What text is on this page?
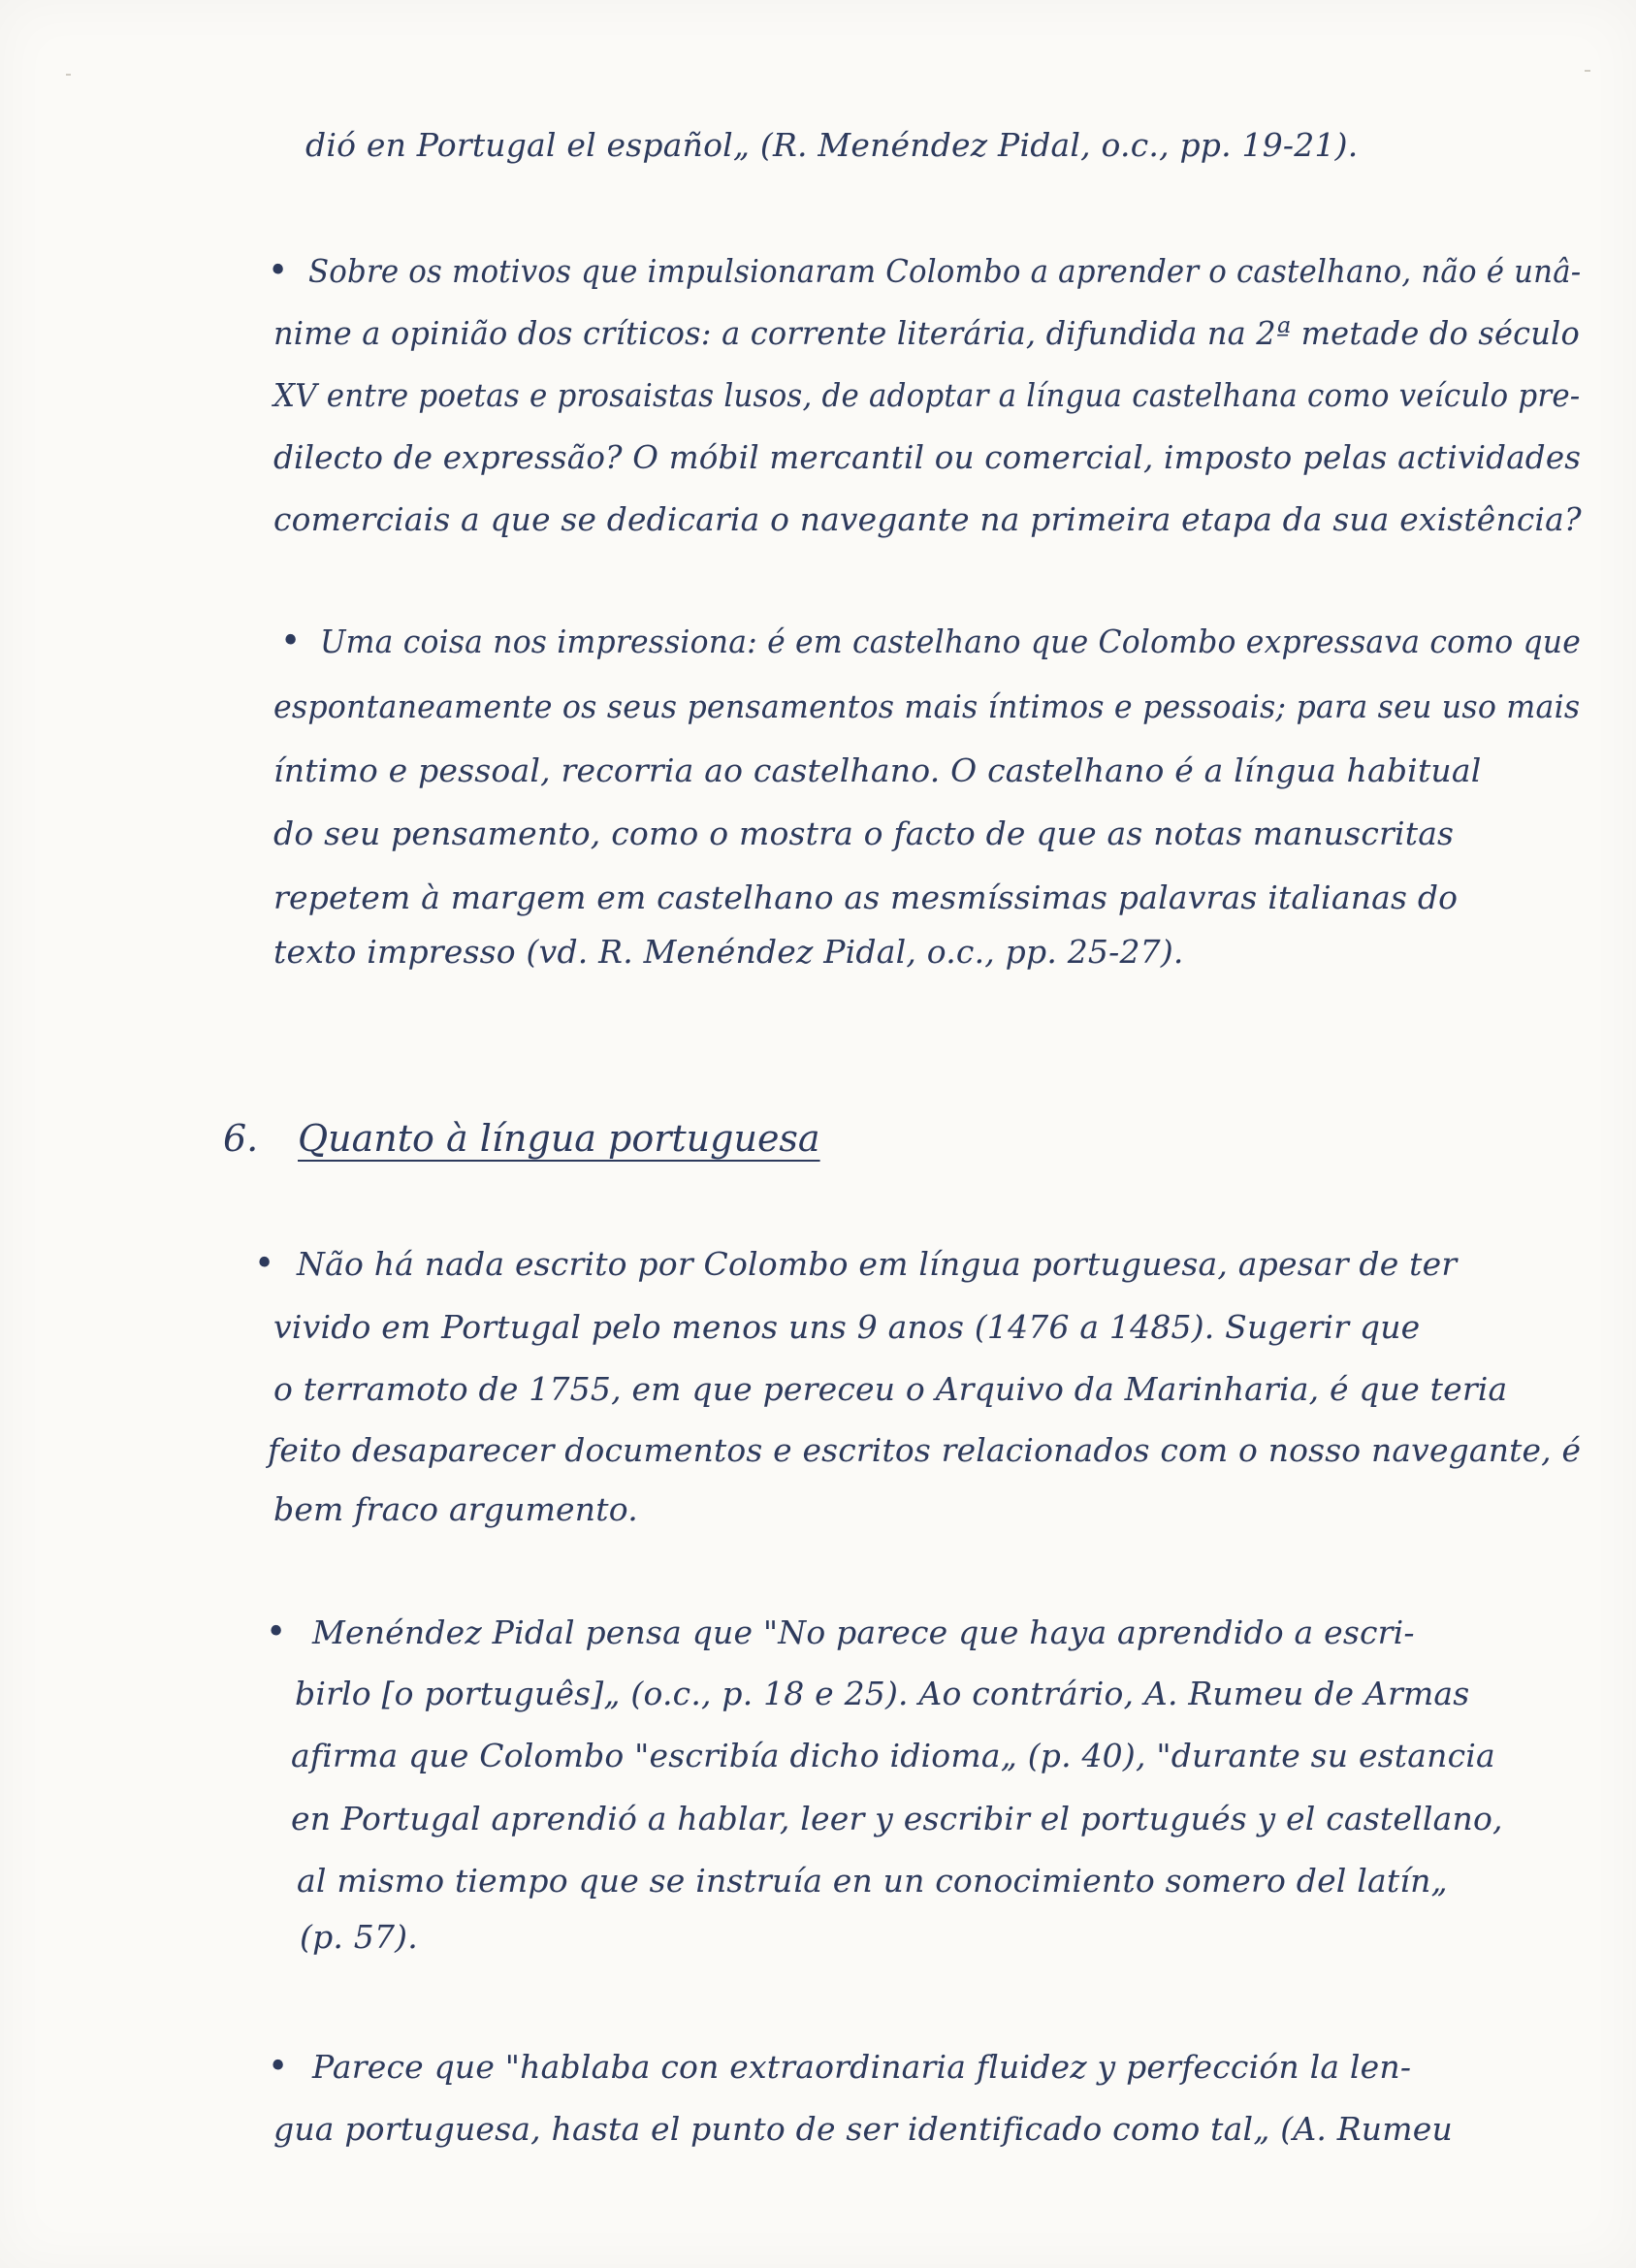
dió en Portugal el español„ (R. Menéndez Pidal, o.c., pp. 19-21).
• Sobre os motivos que impulsionaram Colombo a aprender o castelhano, não é unâ-
nime a opinião dos críticos: a corrente literária, difundida na 2ª metade do século
XV entre poetas e prosaistas lusos, de adoptar a língua castelhana como veículo pre-
dilecto de expressão? O móbil mercantil ou comercial, imposto pelas actividades
comerciais a que se dedicaria o navegante na primeira etapa da sua existência?
• Uma coisa nos impressiona: é em castelhano que Colombo expressava como que
espontaneamente os seus pensamentos mais íntimos e pessoais; para seu uso mais
íntimo e pessoal, recorria ao castelhano. O castelhano é a língua habitual
do seu pensamento, como o mostra o facto de que as notas manuscritas
repetem à margem em castelhano as mesmíssimas palavras italianas do
texto impresso (vd. R. Menéndez Pidal, o.c., pp. 25-27).
6. Quanto à língua portuguesa
• Não há nada escrito por Colombo em língua portuguesa, apesar de ter
vivido em Portugal pelo menos uns 9 anos (1476 a 1485). Sugerir que
o terramoto de 1755, em que pereceu o Arquivo da Marinharia, é que teria
feito desaparecer documentos e escritos relacionados com o nosso navegante, é
bem fraco argumento.
• Menéndez Pidal pensa que "No parece que haya aprendido a escri-
birlo [o português]„ (o.c., p. 18 e 25). Ao contrário, A. Rumeu de Armas
afirma que Colombo "escribía dicho idioma„ (p. 40), "durante su estancia
en Portugal aprendió a hablar, leer y escribir el portugués y el castellano,
al mismo tiempo que se instruía en un conocimiento somero del latín„
(p. 57).
• Parece que "hablaba con extraordinaria fluidez y perfección la len-
gua portuguesa, hasta el punto de ser identificado como tal„ (A. Rumeu
